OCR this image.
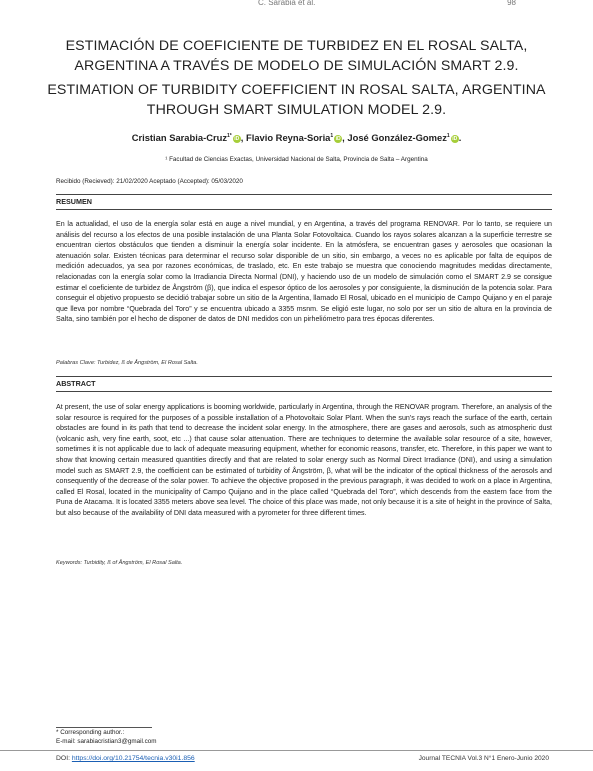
C. Sarabia et al.	98
ESTIMACIÓN DE COEFICIENTE DE TURBIDEZ EN EL ROSAL SALTA, ARGENTINA A TRAVÉS DE MODELO DE SIMULACIÓN SMART 2.9.
ESTIMATION OF TURBIDITY COEFFICIENT IN ROSAL SALTA, ARGENTINA THROUGH SMART SIMULATION MODEL 2.9.
Cristian Sarabia-Cruz$^{1*}$iD , Flavio Reyna-Soria$^1$iD , José González-Gomez$^1$iD .
¹ Facultad de Ciencias Exactas, Universidad Nacional de Salta, Provincia de Salta – Argentina
Recibido (Recieved): 21/02/2020 Aceptado (Accepted): 05/03/2020
RESUMEN
En la actualidad, el uso de la energía solar está en auge a nivel mundial, y en Argentina, a través del programa RENOVAR. Por lo tanto, se requiere un análisis del recurso a los efectos de una posible instalación de una Planta Solar Fotovoltaica. Cuando los rayos solares alcanzan a la superficie terrestre se encuentran ciertos obstáculos que tienden a disminuir la energía solar incidente. En la atmósfera, se encuentran gases y aerosoles que ocasionan la atenuación solar. Existen técnicas para determinar el recurso solar disponible de un sitio, sin embargo, a veces no es aplicable por falta de equipos de medición adecuados, ya sea por razones económicas, de traslado, etc. En este trabajo se muestra que conociendo magnitudes medidas directamente, relacionadas con la energía solar como la Irradiancia Directa Normal (DNI), y haciendo uso de un modelo de simulación como el SMART 2.9 se consigue estimar el coeficiente de turbidez de Ångström (β), que indica el espesor óptico de los aerosoles y por consiguiente, la disminución de la potencia solar. Para conseguir el objetivo propuesto se decidió trabajar sobre un sitio de la Argentina, llamado El Rosal, ubicado en el municipio de Campo Quijano y en el paraje que lleva por nombre “Quebrada del Toro” y se encuentra ubicado a 3355 msnm. Se eligió este lugar, no solo por ser un sitio de altura en la provincia de Salta, sino también por el hecho de disponer de datos de DNI medidos con un pirheliómetro para tres épocas diferentes.
Palabras Clave: Turbidez, ß de Ångström, El Rosal Salta.
ABSTRACT
At present, the use of solar energy applications is booming worldwide, particularly in Argentina, through the RENOVAR program. Therefore, an analysis of the solar resource is required for the purposes of a possible installation of a Photovoltaic Solar Plant. When the sun's rays reach the surface of the earth, certain obstacles are found in its path that tend to decrease the incident solar energy. In the atmosphere, there are gases and aerosols, such as atmospheric dust (volcanic ash, very fine earth, soot, etc ...) that cause solar attenuation. There are techniques to determine the available solar resource of a site, however, sometimes it is not applicable due to lack of adequate measuring equipment, whether for economic reasons, transfer, etc. Therefore, in this paper we want to show that knowing certain measured quantities directly and that are related to solar energy such as Normal Direct Irradiance (DNI), and using a simulation model such as SMART 2.9, the coefficient can be estimated of turbidity of Ångström, β, what will be the indicator of the optical thickness of the aerosols and consequently of the decrease of the solar power. To achieve the objective proposed in the previous paragraph, it was decided to work on a place in Argentina, called El Rosal, located in the municipality of Campo Quijano and in the place called “Quebrada del Toro”, which descends from the eastern face from the Puna de Atacama. It is located 3355 meters above sea level. The choice of this place was made, not only because it is a site of height in the province of Salta, but also because of the availability of DNI data measured with a pyrometer for three different times.
Keywords: Turbidity, ß of Ångström, El Rosal Salta.
* Corresponding author.:
E-mail: sarabiacristian3@gmail.com
DOI: https://doi.org/10.21754/tecnia.v30i1.856	Journal TECNIA Vol.3 N°1 Enero-Junio 2020
